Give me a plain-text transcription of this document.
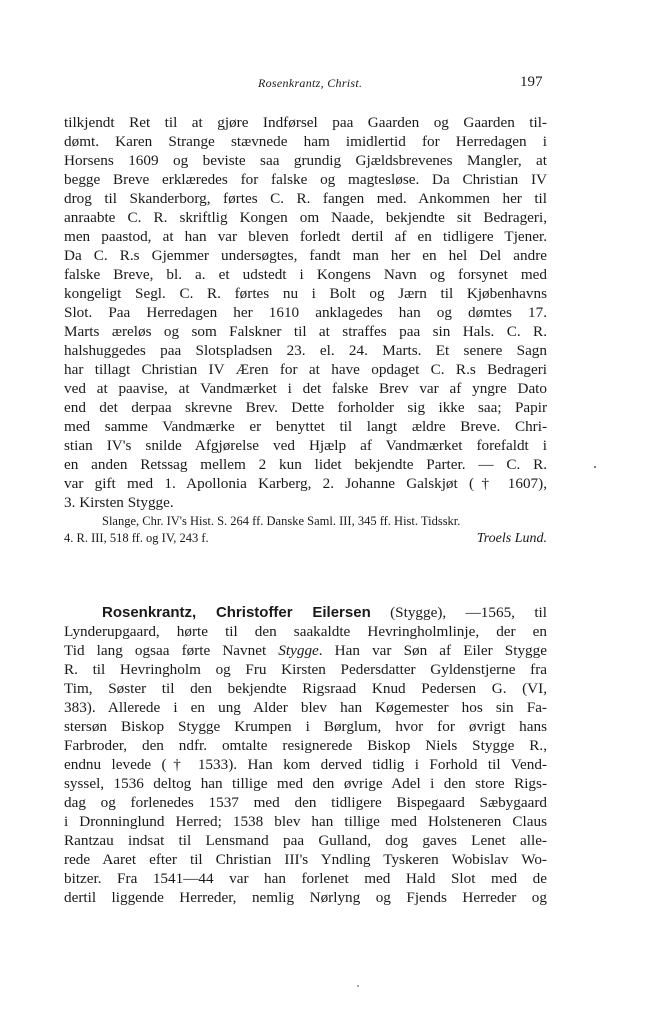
Rosenkrantz, Christ.	197
tilkjendt Ret til at gjøre Indførsel paa Gaarden og Gaarden til-
dømt. Karen Strange stævnede ham imidlertid for Herredagen i
Horsens 1609 og beviste saa grundig Gjældsbrevenes Mangler, at
begge Breve erklæredes for falske og magtesløse. Da Christian IV
drog til Skanderborg, førtes C. R. fangen med. Ankommen her til
anraabte C. R. skriftlig Kongen om Naade, bekjendte sit Bedrageri,
men paastod, at han var bleven forledt dertil af en tidligere Tjener.
Da C. R.s Gjemmer undersøgtes, fandt man her en hel Del andre
falske Breve, bl. a. et udstedt i Kongens Navn og forsynet med
kongeligt Segl. C. R. førtes nu i Bolt og Jærn til Kjøbenhavns
Slot. Paa Herredagen her 1610 anklagedes han og dømtes 17.
Marts æreløs og som Falskner til at straffes paa sin Hals. C. R.
halshuggedes paa Slotspladsen 23. el. 24. Marts. Et senere Sagn
har tillagt Christian IV Æren for at have opdaget C. R.s Bedrageri
ved at paavise, at Vandmærket i det falske Brev var af yngre Dato
end det derpaa skrevne Brev. Dette forholder sig ikke saa; Papir
med samme Vandmærke er benyttet til langt ældre Breve. Chri-
stian IV's snilde Afgjørelse ved Hjælp af Vandmærket forefaldt i
en anden Retssag mellem 2 kun lidet bekjendte Parter. — C. R.
var gift med 1. Apollonia Karberg, 2. Johanne Galskjøt († 1607),
3. Kirsten Stygge.
Slange, Chr. IV's Hist. S. 264 ff. Danske Saml. III, 345 ff. Hist. Tidsskr.
4. R. III, 518 ff. og IV, 243 f.	Troels Lund.
Rosenkrantz, Christoffer Eilersen (Stygge), —1565, til
Lynderupgaard, hørte til den saakaldte Hevringholmlinje, der en
Tid lang ogsaa førte Navnet Stygge. Han var Søn af Eiler Stygge
R. til Hevringholm og Fru Kirsten Pedersdatter Gyldenstjerne fra
Tim, Søster til den bekjendte Rigsraad Knud Pedersen G. (VI,
383). Allerede i en ung Alder blev han Køgemester hos sin Fa-
stersøn Biskop Stygge Krumpen i Børglum, hvor for øvrigt hans
Farbroder, den ndfr. omtalte resignerede Biskop Niels Stygge R.,
endnu levede († 1533). Han kom derved tidlig i Forhold til Vend-
syssel, 1536 deltog han tillige med den øvrige Adel i den store Rigs-
dag og forlenedes 1537 med den tidligere Bispegaard Sæbygaard
i Dronninglund Herred; 1538 blev han tillige med Holsteneren Claus
Rantzau indsat til Lensmand paa Gulland, dog gaves Lenet alle-
rede Aaret efter til Christian III's Yndling Tyskeren Wobislav Wo-
bitzer. Fra 1541—44 var han forlenet med Hald Slot med de
dertil liggende Herreder, nemlig Nørlyng og Fjends Herreder og
